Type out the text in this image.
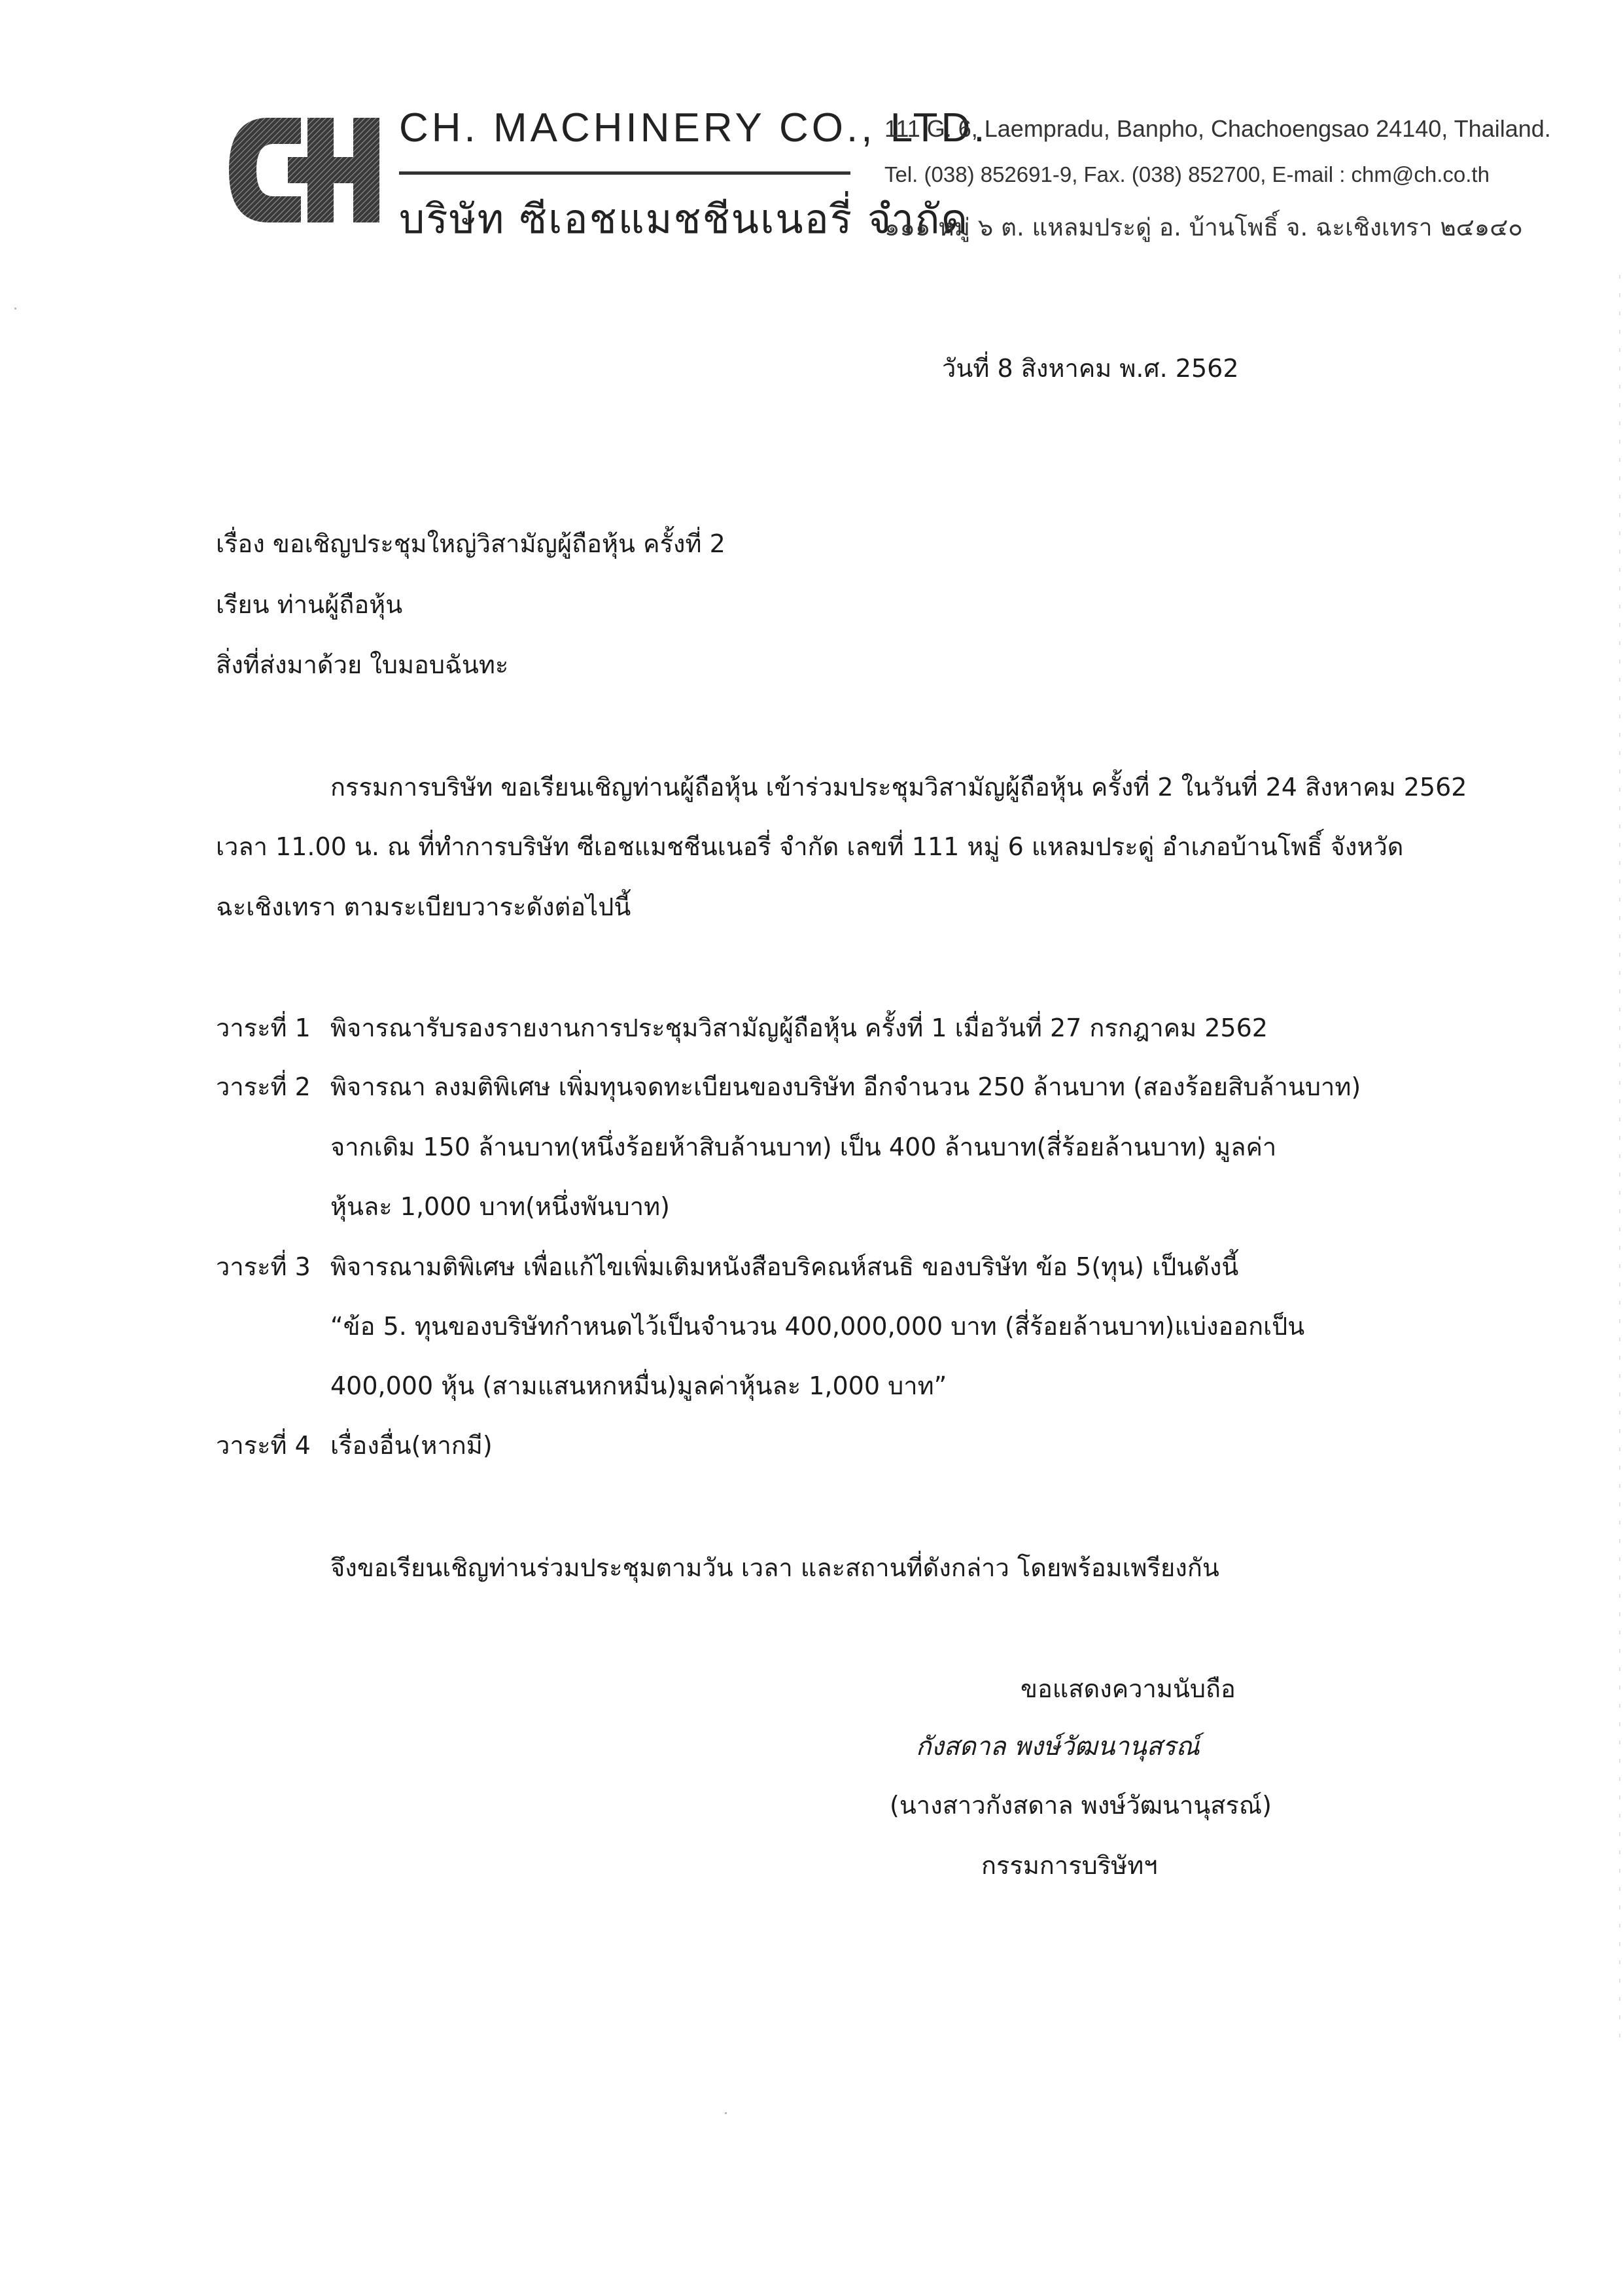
CH. MACHINERY CO., LTD.
บริษัท ซีเอชแมชชีนเนอรี่ จำกัด
111 G. 6, Laempradu, Banpho, Chachoengsao 24140, Thailand.
Tel. (038) 852691-9, Fax. (038) 852700, E-mail : chm@ch.co.th
๑๑๑ หมู่ ๖ ต. แหลมประดู่ อ. บ้านโพธิ์ จ. ฉะเชิงเทรา ๒๔๑๔๐
วันที่ 8 สิงหาคม พ.ศ. 2562
เรื่อง ขอเชิญประชุมใหญ่วิสามัญผู้ถือหุ้น ครั้งที่ 2
เรียน ท่านผู้ถือหุ้น
สิ่งที่ส่งมาด้วย ใบมอบฉันทะ
กรรมการบริษัท ขอเรียนเชิญท่านผู้ถือหุ้น เข้าร่วมประชุมวิสามัญผู้ถือหุ้น ครั้งที่ 2 ในวันที่ 24 สิงหาคม 2562
เวลา 11.00 น. ณ ที่ทำการบริษัท ซีเอชแมชชีนเนอรี่ จำกัด เลขที่ 111 หมู่ 6 แหลมประดู่ อำเภอบ้านโพธิ์ จังหวัด
ฉะเชิงเทรา ตามระเบียบวาระดังต่อไปนี้
วาระที่ 1 พิจารณารับรองรายงานการประชุมวิสามัญผู้ถือหุ้น ครั้งที่ 1 เมื่อวันที่ 27 กรกฎาคม 2562
วาระที่ 2 พิจารณา ลงมติพิเศษ เพิ่มทุนจดทะเบียนของบริษัท อีกจำนวน 250 ล้านบาท (สองร้อยสิบล้านบาท)
จากเดิม 150 ล้านบาท(หนึ่งร้อยห้าสิบล้านบาท) เป็น 400 ล้านบาท(สี่ร้อยล้านบาท) มูลค่า
หุ้นละ 1,000 บาท(หนึ่งพันบาท)
วาระที่ 3 พิจารณามติพิเศษ เพื่อแก้ไขเพิ่มเติมหนังสือบริคณห์สนธิ ของบริษัท ข้อ 5(ทุน) เป็นดังนี้
“ข้อ 5. ทุนของบริษัทกำหนดไว้เป็นจำนวน 400,000,000 บาท (สี่ร้อยล้านบาท)แบ่งออกเป็น
400,000 หุ้น (สามแสนหกหมื่น)มูลค่าหุ้นละ 1,000 บาท”
วาระที่ 4 เรื่องอื่น(หากมี)
จึงขอเรียนเชิญท่านร่วมประชุมตามวัน เวลา และสถานที่ดังกล่าว โดยพร้อมเพรียงกัน
ขอแสดงความนับถือ
กังสดาล พงษ์วัฒนานุสรณ์
(นางสาวกังสดาล พงษ์วัฒนานุสรณ์)
กรรมการบริษัทฯ
